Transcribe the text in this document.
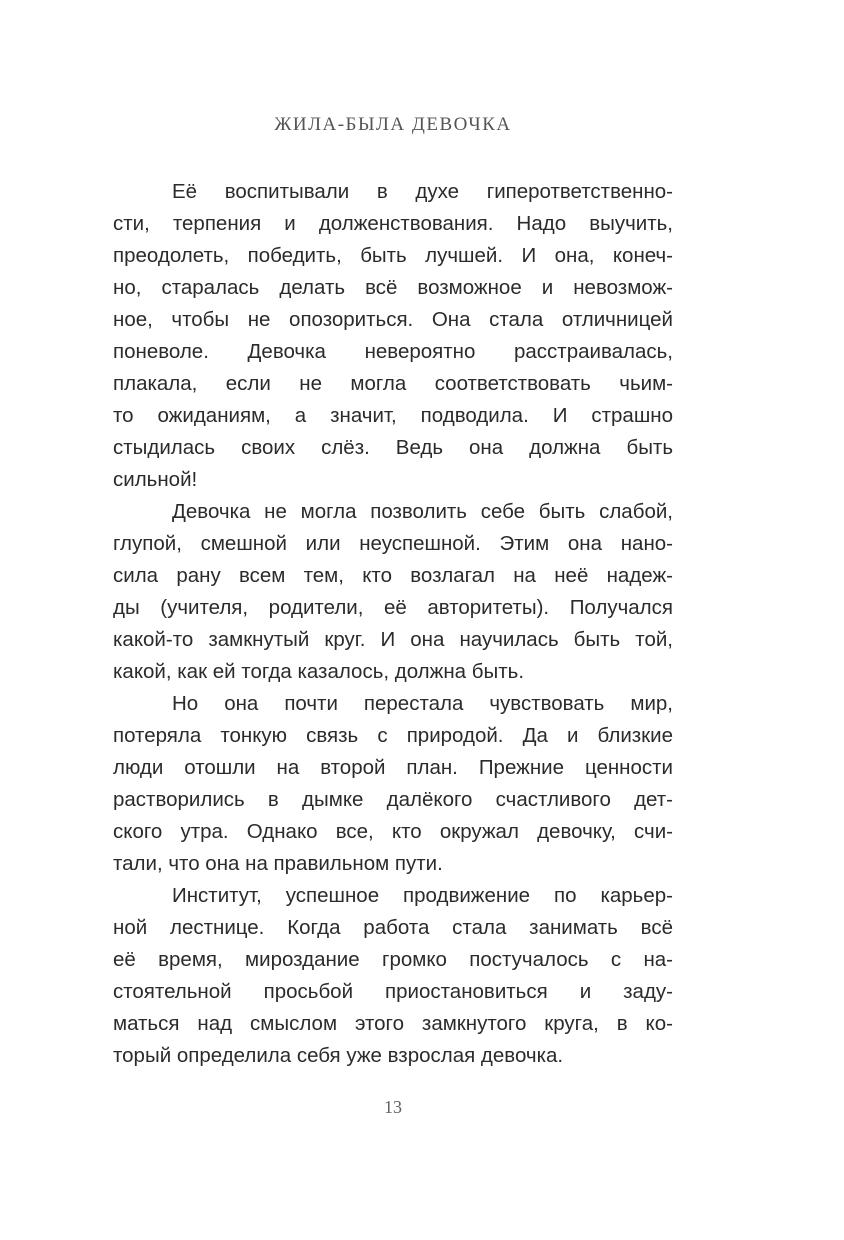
ЖИЛА-БЫЛА ДЕВОЧКА

Её воспитывали в духе гиперответственно-
сти, терпения и долженствования. Надо выучить,
преодолеть, победить, быть лучшей. И она, конеч-
но, старалась делать всё возможное и невозмож-
ное, чтобы не опозориться. Она стала отличницей
поневоле. Девочка невероятно расстраивалась,
плакала, если не могла соответствовать чьим-
то ожиданиям, а значит, подводила. И страшно
стыдилась своих слёз. Ведь она должна быть
сильной!

Девочка не могла позволить себе быть слабой,
глупой, смешной или неуспешной. Этим она нано-
сила рану всем тем, кто возлагал на неё надеж-
ды (учителя, родители, её авторитеты). Получался
какой-то замкнутый круг. И она научилась быть той,
какой, как ей тогда казалось, должна быть.

Но она почти перестала чувствовать мир,
потеряла тонкую связь с природой. Да и близкие
люди отошли на второй план. Прежние ценности
растворились в дымке далёкого счастливого дет-
ского утра. Однако все, кто окружал девочку, счи-
тали, что она на правильном пути.

Институт, успешное продвижение по карьер-
ной лестнице. Когда работа стала занимать всё
её время, мироздание громко постучалось с на-
стоятельной просьбой приостановиться и заду-
маться над смыслом этого замкнутого круга, в ко-
торый определила себя уже взрослая девочка.

13
